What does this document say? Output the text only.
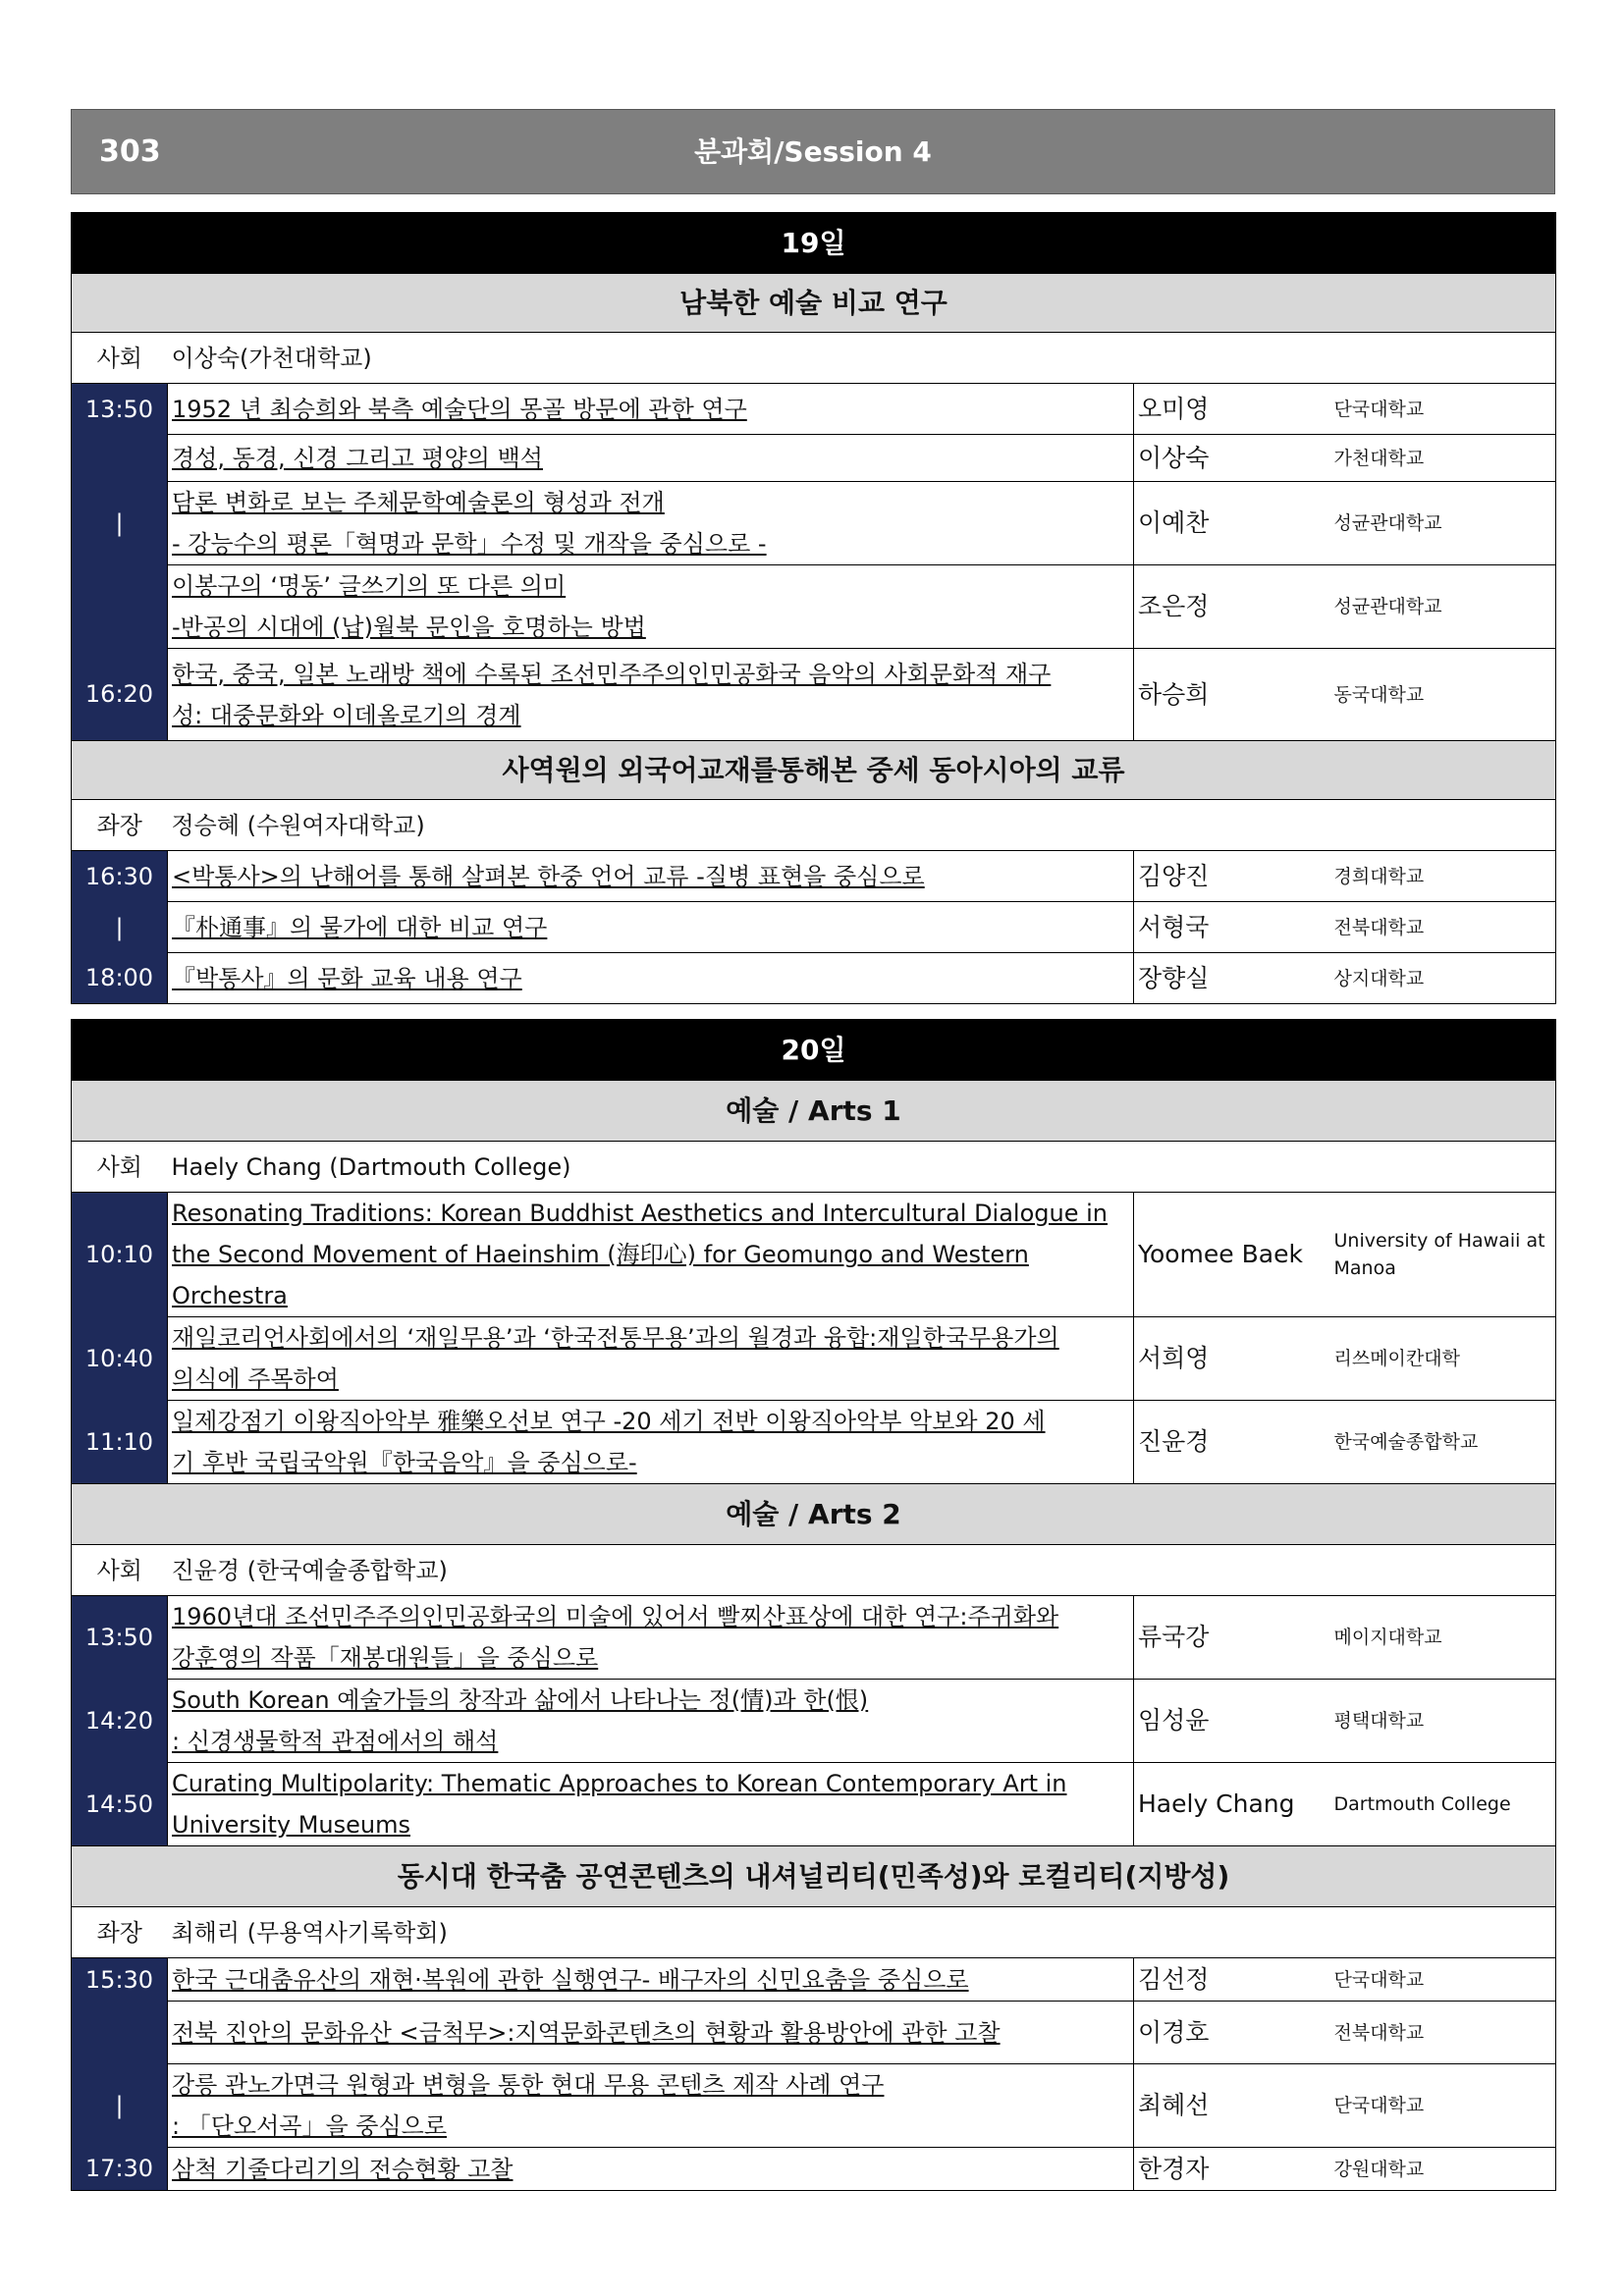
303	분과회/Session 4
19일			
남북한 예술 비교 연구			
사회	이상숙(가천대학교)		
13:50	1952 년 최승희와 북측 예술단의 몽골 방문에 관한 연구	오미영	단국대학교
	경성, 동경, 신경 그리고 평양의 백석	이상숙	가천대학교
|	담론 변화로 보는 주체문학예술론의 형성과 전개
- 강능수의 평론「혁명과 문학」수정 및 개작을 중심으로 -	이예찬	성균관대학교
	이봉구의 ‘명동’ 글쓰기의 또 다른 의미
-반공의 시대에 (납)월북 문인을 호명하는 방법	조은정	성균관대학교
16:20	한국, 중국, 일본 노래방 책에 수록된 조선민주주의인민공화국 음악의 사회문화적 재구
성: 대중문화와 이데올로기의 경계	하승희	동국대학교
사역원의 외국어교재를통해본 중세 동아시아의 교류			
좌장	정승혜 (수원여자대학교)		
16:30	<박통사>의 난해어를 통해 살펴본 한중 언어 교류 -질병 표현을 중심으로	김양진	경희대학교
|	『朴通事』의 물가에 대한 비교 연구	서형국	전북대학교
18:00	『박통사』의 문화 교육 내용 연구	장향실	상지대학교
20일			
예술 / Arts 1			
사회	Haely Chang (Dartmouth College)		
10:10	Resonating Traditions: Korean Buddhist Aesthetics and Intercultural Dialogue in
the Second Movement of Haeinshim (海印心) for Geomungo and Western
Orchestra	Yoomee Baek	University of Hawaii at Manoa
10:40	재일코리언사회에서의 ‘재일무용’과 ‘한국전통무용’과의 월경과 융합:재일한국무용가의
의식에 주목하여	서희영	리쓰메이칸대학
11:10	일제강점기 이왕직아악부 雅樂오선보 연구 -20 세기 전반 이왕직아악부 악보와 20 세
기 후반 국립국악원『한국음악』을 중심으로-	진윤경	한국예술종합학교
예술 / Arts 2			
사회	진윤경 (한국예술종합학교)		
13:50	1960년대 조선민주주의인민공화국의 미술에 있어서 빨찌산표상에 대한 연구:주귀화와
강훈영의 작품「재봉대원들」을 중심으로	류국강	메이지대학교
14:20	South Korean 예술가들의 창작과 삶에서 나타나는 정(情)과 한(恨)
: 신경생물학적 관점에서의 해석	임성윤	평택대학교
14:50	Curating Multipolarity: Thematic Approaches to Korean Contemporary Art in
University Museums	Haely Chang	Dartmouth College
동시대 한국춤 공연콘텐츠의 내셔널리티(민족성)와 로컬리티(지방성)			
좌장	최해리 (무용역사기록학회)		
15:30	한국 근대춤유산의 재현·복원에 관한 실행연구- 배구자의 신민요춤을 중심으로	김선정	단국대학교
	전북 진안의 문화유산 <금척무>:지역문화콘텐츠의 현황과 활용방안에 관한 고찰	이경호	전북대학교
|	강릉 관노가면극 원형과 변형을 통한 현대 무용 콘텐츠 제작 사례 연구
: 「단오서곡」을 중심으로	최혜선	단국대학교
17:30	삼척 기줄다리기의 전승현황 고찰	한경자	강원대학교
